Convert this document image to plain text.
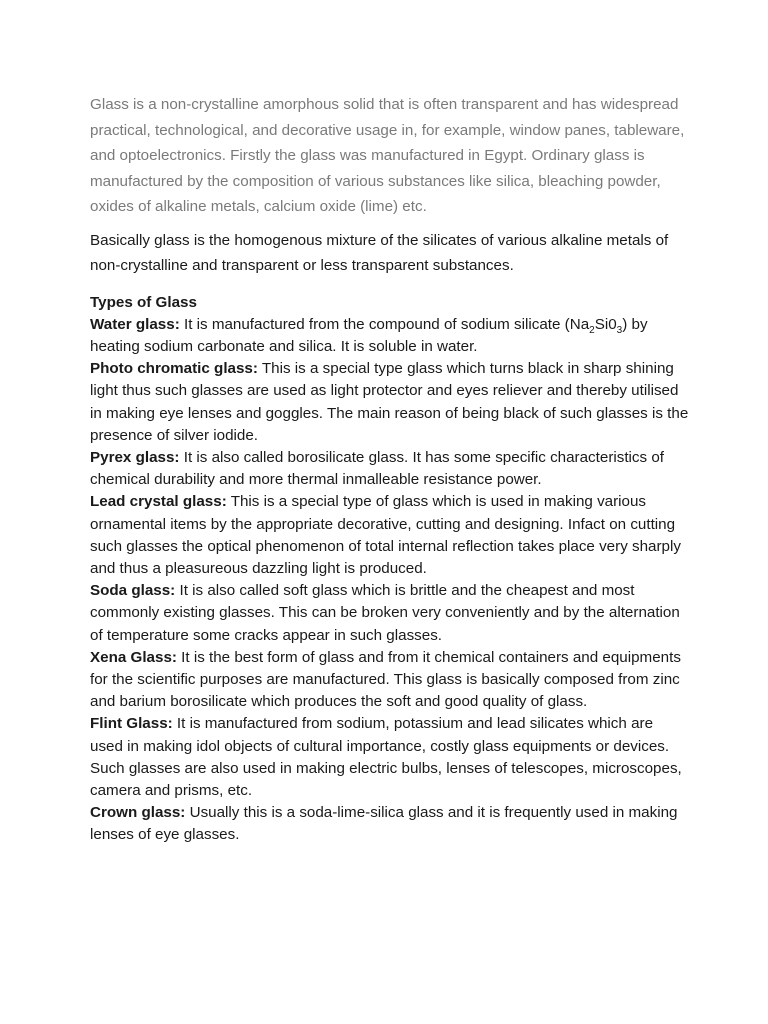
Glass is a non-crystalline amorphous solid that is often transparent and has widespread practical, technological, and decorative usage in, for example, window panes, tableware, and optoelectronics. Firstly the glass was manufactured in Egypt. Ordinary glass is manufactured by the composition of various substances like silica, bleaching powder, oxides of alkaline metals, calcium oxide (lime) etc.

Basically glass is the homogenous mixture of the silicates of various alkaline metals of non-crystalline and transparent or less transparent substances.

Types of Glass

Water glass: It is manufactured from the compound of sodium silicate $(Na_2Si0_3)$ by heating sodium carbonate and silica. It is soluble in water.

Photo chromatic glass: This is a special type glass which turns black in sharp shining light thus such glasses are used as light protector and eyes reliever and thereby utilised in making eye lenses and goggles. The main reason of being black of such glasses is the presence of silver iodide.

Pyrex glass: It is also called borosilicate glass. It has some specific characteristics of chemical durability and more thermal inmalleable resistance power.

Lead crystal glass: This is a special type of glass which is used in making various ornamental items by the appropriate decorative, cutting and designing. Infact on cutting such glasses the optical phenomenon of total internal reflection takes place very sharply and thus a pleasureous dazzling light is produced.

Soda glass: It is also called soft glass which is brittle and the cheapest and most commonly existing glasses. This can be broken very conveniently and by the alternation of temperature some cracks appear in such glasses.

Xena Glass: It is the best form of glass and from it chemical containers and equipments for the scientific purposes are manufactured. This glass is basically composed from zinc and barium borosilicate which produces the soft and good quality of glass.

Flint Glass: It is manufactured from sodium, potassium and lead silicates which are used in making idol objects of cultural importance, costly glass equipments or devices. Such glasses are also used in making electric bulbs, lenses of telescopes, microscopes, camera and prisms, etc.

Crown glass: Usually this is a soda-lime-silica glass and it is frequently used in making lenses of eye glasses.
